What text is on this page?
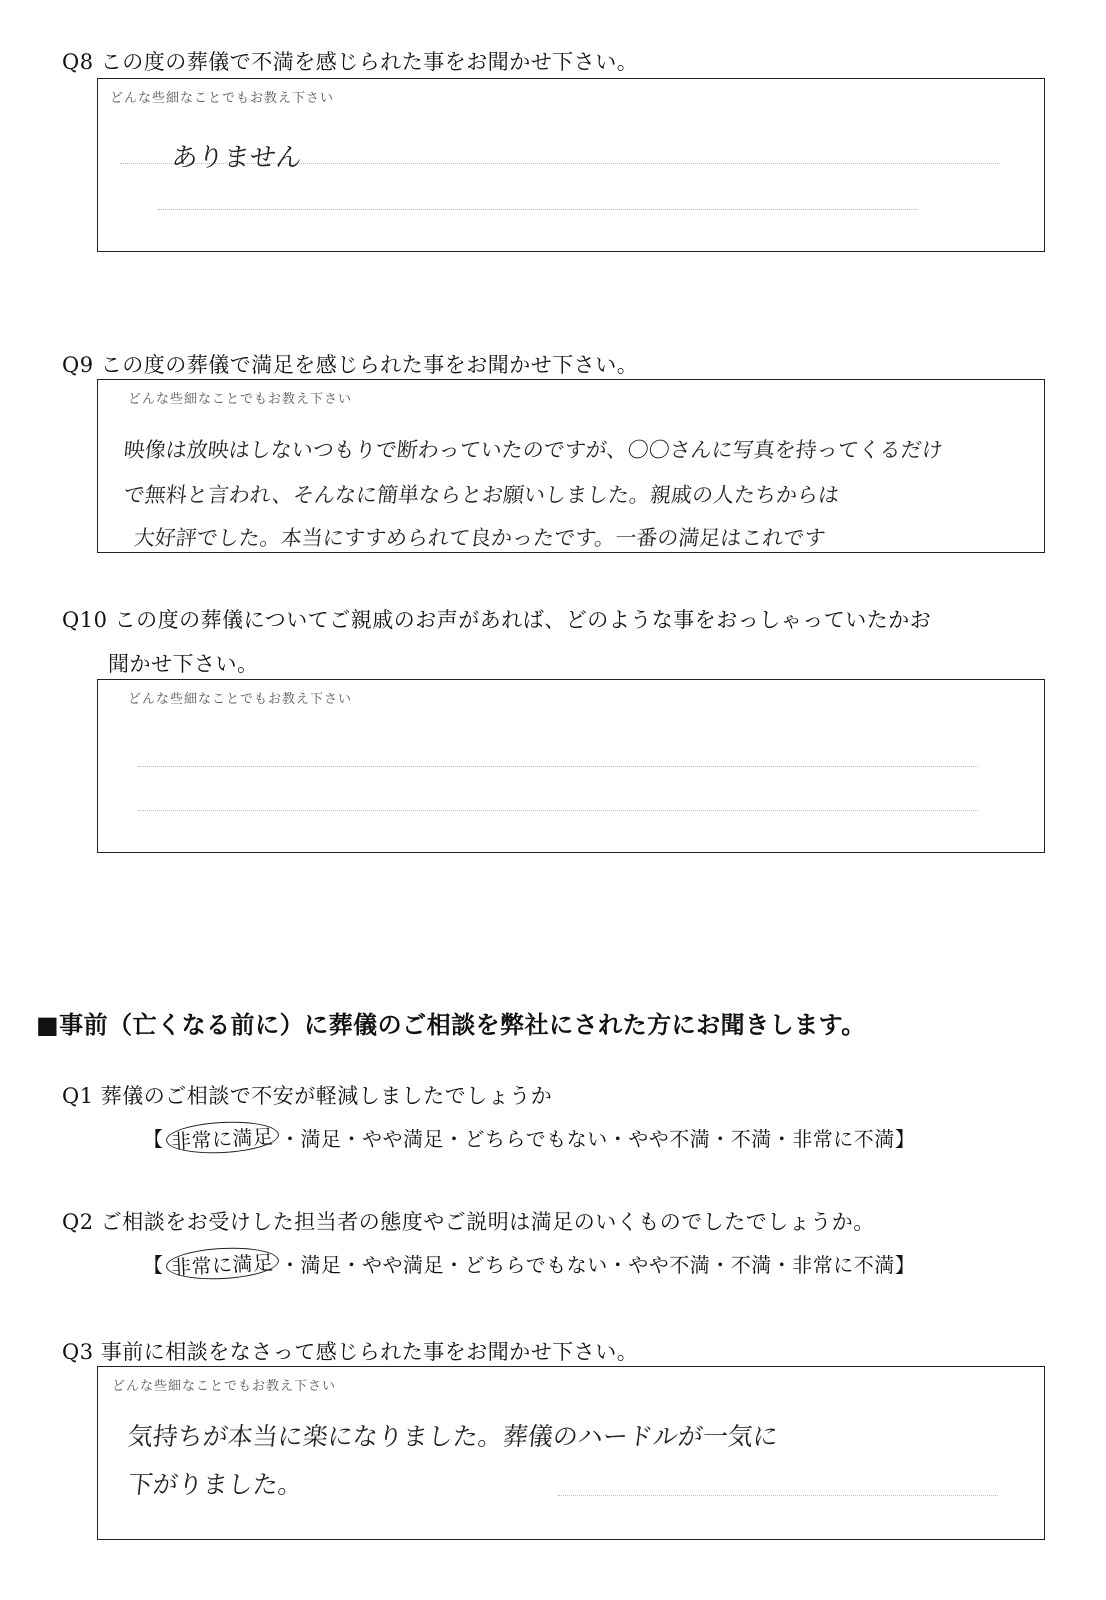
Q8 この度の葬儀で不満を感じられた事をお聞かせ下さい。
どんな些細なことでもお教え下さい
ありません
Q9 この度の葬儀で満足を感じられた事をお聞かせ下さい。
どんな些細なことでもお教え下さい
映像は放映はしないつもりで断わっていたのですが、〇〇さんに写真を持ってくるだけ
で無料と言われ、そんなに簡単ならとお願いしました。親戚の人たちからは
大好評でした。本当にすすめられて良かったです。一番の満足はこれです
Q10 この度の葬儀についてご親戚のお声があれば、どのような事をおっしゃっていたかお
聞かせ下さい。
どんな些細なことでもお教え下さい
■事前（亡くなる前に）に葬儀のご相談を弊社にされた方にお聞きします。
Q1 葬儀のご相談で不安が軽減しましたでしょうか
【 非常に満足 ・満足・やや満足・どちらでもない・やや不満・不満・非常に不満】
Q2 ご相談をお受けした担当者の態度やご説明は満足のいくものでしたでしょうか。
【 非常に満足 ・満足・やや満足・どちらでもない・やや不満・不満・非常に不満】
Q3 事前に相談をなさって感じられた事をお聞かせ下さい。
どんな些細なことでもお教え下さい
気持ちが本当に楽になりました。葬儀のハードルが一気に
下がりました。
